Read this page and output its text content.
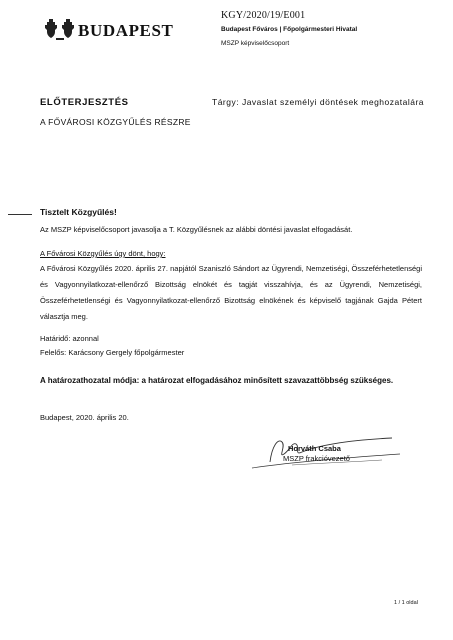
BUDAPEST
KGY/2020/19/E001
Budapest Főváros | Főpolgármesteri Hivatal
MSZP képviselőcsoport
ELŐTERJESZTÉS	Tárgy: Javaslat személyi döntések meghozatalára
A FŐVÁROSI KÖZGYŰLÉS RÉSZRE
Tisztelt Közgyűlés!
Az MSZP képviselőcsoport javasolja a T. Közgyűlésnek az alábbi döntési javaslat elfogadását.
A Fővárosi Közgyűlés úgy dönt, hogy:
A Fővárosi Közgyűlés 2020. április 27. napjától Szaniszló Sándort az Ügyrendi, Nemzetiségi, Összeférhetetlenségi és Vagyonnyilatkozat-ellenőrző Bizottság elnökét és tagját visszahívja, és az Ügyrendi, Nemzetiségi, Összeférhetetlenségi és Vagyonnyilatkozat-ellenőrző Bizottság elnökének és képviselő tagjának Gajda Pétert választja meg.
Határidő: azonnal
Felelős: Karácsony Gergely főpolgármester
A határozathozatal módja: a határozat elfogadásához minősített szavazattöbbség szükséges.
Budapest, 2020. április 20.
Horváth Csaba
MSZP frakcióvezető
1 / 1 oldal
